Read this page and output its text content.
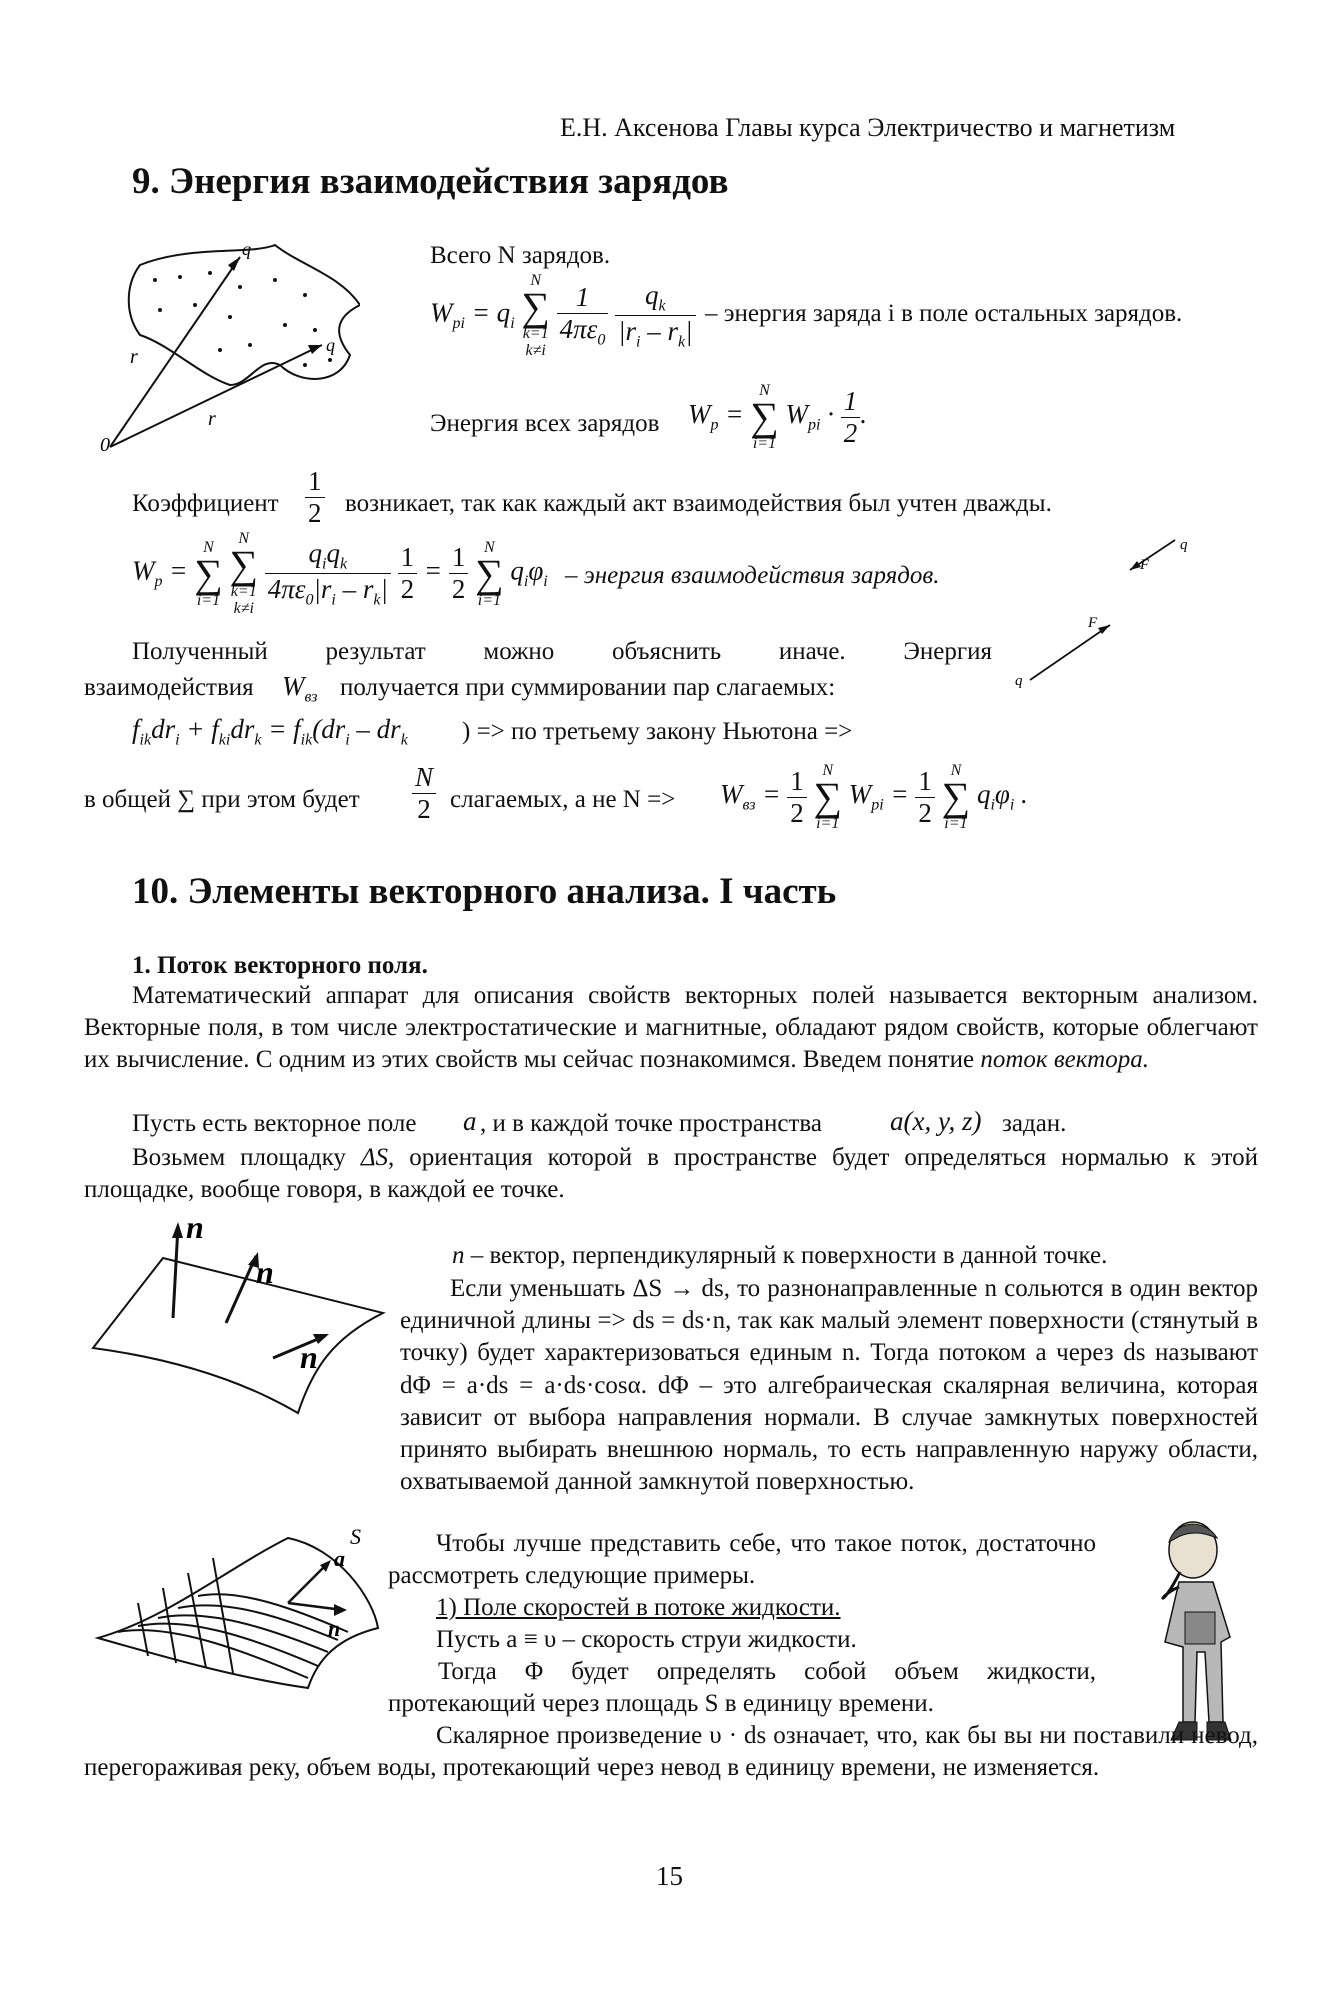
Е.Н. Аксенова Главы курса Электричество и магнетизм
9. Энергия взаимодействия зарядов
q
q
r
r
0
Всего N зарядов.
$W_{pi} = q_i$
N
∑
k=1
k≠i

$\frac{1}{4\pi\varepsilon_0}$
$\frac{q_k}{|r_i - r_k|}$ – энергия заряда i в поле остальных зарядов.
Энергия всех зарядов $W_p$ =
N
∑
i=1
$W_{pi} \cdot \frac{1}{2}$ .
Коэффициент $\frac{1}{2}$ возникает, так как каждый акт взаимодействия был учтен дважды.
$W_p$ =
N
∑
i=1

N
∑
k=1
k≠i
$\frac{q_iq_k}{4\pi\varepsilon_0|r_i - r_k|}$
$\frac{1}{2} = \frac{1}{2}$
N
∑
i=1
$q_i\varphi_i$ – энергия взаимодействия зарядов.
q
F
q
F
Полученный результат можно объяснить иначе. Энергия
взаимодействия $W_{вз}$ получается при суммировании пар слагаемых:
$f_{ik}dr_i + f_{ki}dr_k = f_{ik}(dr_i - dr_k$ ) => по третьему закону Ньютона =>
в общей ∑ при этом будет $\frac{N}{2}$ слагаемых, а не $N => W_{вз} = \frac{1}{2}$
N
∑
i=1
$W_{pi} = \frac{1}{2}$
N
∑
i=1
$q_i\varphi_i$ .
10. Элементы векторного анализа. I часть
1. Поток векторного поля.
Математический аппарат для описания свойств векторных полей называется векторным анализом. Векторные поля, в том числе электростатические и магнитные, обладают рядом свойств, которые облегчают их вычисление. С одним из этих свойств мы сейчас познакомимся. Введем понятие поток вектора.
Пусть есть векторное поле a , и в каждой точке пространства	a(x, y, z) задан.
Возьмем площадку ΔS, ориентация которой в пространстве будет определяться нормалью к этой площадке, вообще говоря, в каждой ее точке.
n
n
n
n – вектор, перпендикулярный к поверхности в данной точке.
Если уменьшать ΔS → ds, то разнонаправленные n сольются в один вектор единичной длины => ds = ds·n, так как малый элемент поверхности (стянутый в точку) будет характеризоваться единым n. Тогда потоком a через ds называют dΦ = a·ds = a·ds·cosα. dΦ – это алгебраическая скалярная величина, которая зависит от выбора направления нормали. В случае замкнутых поверхностей принято выбирать внешнюю нормаль, то есть направленную наружу области, охватываемой данной замкнутой поверхностью.
S
a
n
Чтобы лучше представить себе, что такое поток, достаточно рассмотреть следующие примеры.
1) Поле скоростей в потоке жидкости.
Пусть a ≡ υ – скорость струи жидкости.
Тогда Φ будет определять собой объем жидкости, протекающий через площадь S в единицу времени.
Скалярное произведение υ · ds означает, что, как бы вы ни поставили невод, перегораживая реку, объем воды, протекающий через невод в единицу времени, не изменяется.
15
